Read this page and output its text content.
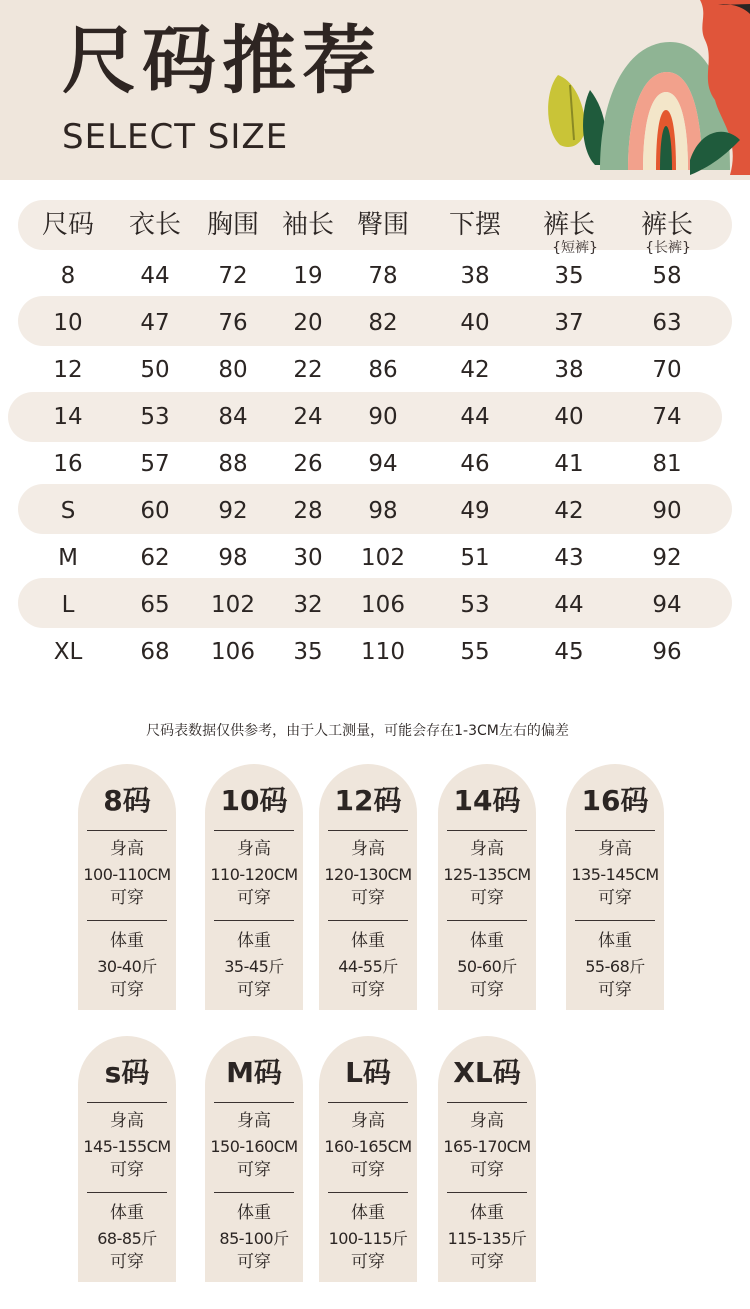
尺码推荐
SELECT SIZE
尺码	衣长 胸围 袖长 臀围	下摆	裤长	裤长
{短裤}	{长裤}
8	44	72	19	78	38	35	58
10	47	76	20	82	40	37	63
12	50	80	22	86	42	38	70
14	53	84	24	90	44	40	74
16	57	88	26	94	46	41	81
S	60	92	28	98	49	42	90
M	62	98	30	102	51	43	92
L	65	102	32	106	53	44	94
XL	68	106	35	110	55	45	96
尺码表数据仅供参考，由于人工测量，可能会存在1-3CM左右的偏差
8码
身高
100-110CM
可穿
体重
30-40斤
可穿
10码
身高
110-120CM
可穿
体重
35-45斤
可穿
12码
身高
120-130CM
可穿
体重
44-55斤
可穿
14码
身高
125-135CM
可穿
体重
50-60斤
可穿
16码
身高
135-145CM
可穿
体重
55-68斤
可穿
s码
身高
145-155CM
可穿
体重
68-85斤
可穿
M码
身高
150-160CM
可穿
体重
85-100斤
可穿
L码
身高
160-165CM
可穿
体重
100-115斤
可穿
XL码
身高
165-170CM
可穿
体重
115-135斤
可穿
